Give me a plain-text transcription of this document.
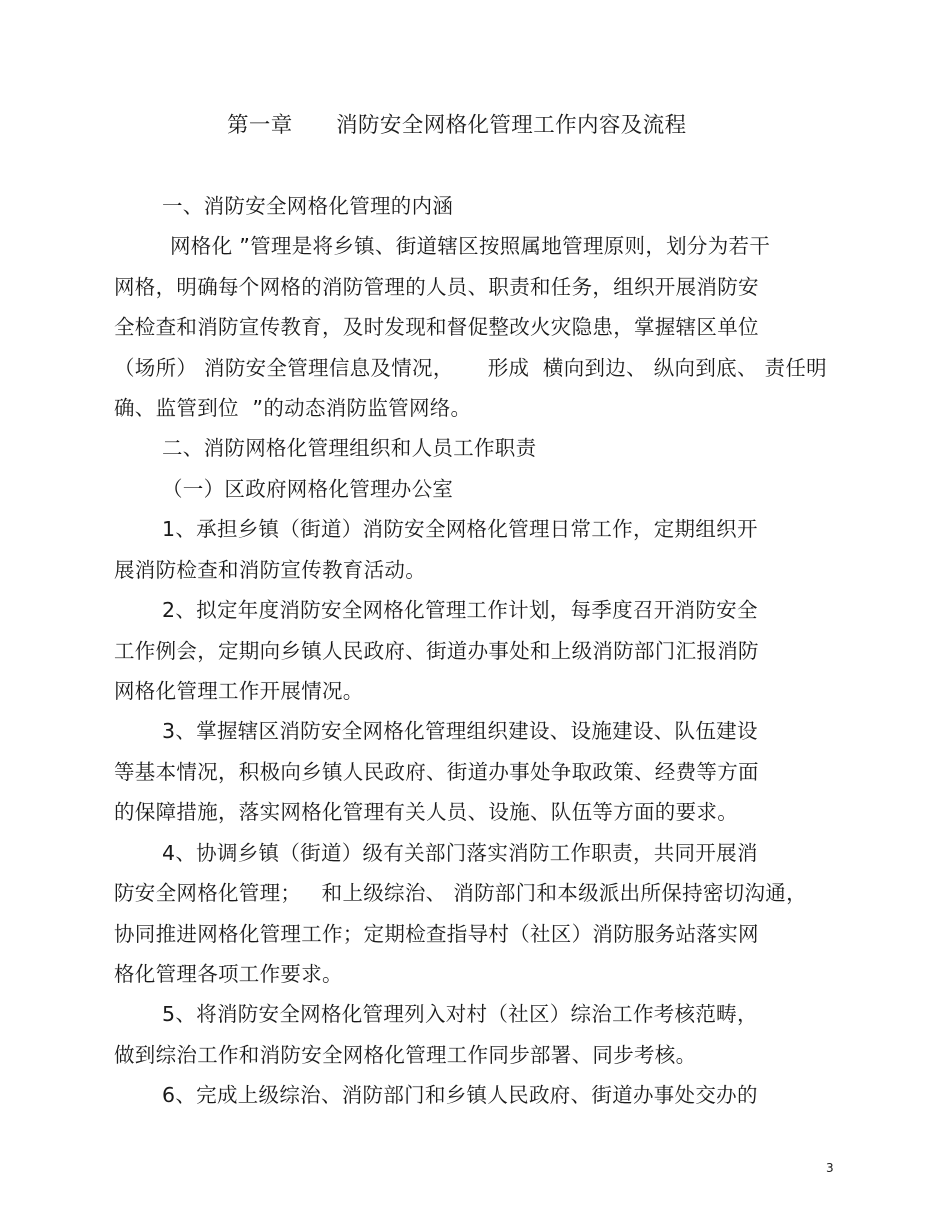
第一章      消防安全网格化管理工作内容及流程
一、消防安全网格化管理的内涵
网格化 ”管理是将乡镇、街道辖区按照属地管理原则，划分为若干
网格，明确每个网格的消防管理的人员、职责和任务，组织开展消防安
全检查和消防宣传教育，及时发现和督促整改火灾隐患，掌握辖区单位
（场所） 消防安全管理信息及情况，     形成  横向到边、 纵向到底、 责任明
确、监管到位  ”的动态消防监管网络。
二、消防网格化管理组织和人员工作职责
（一）区政府网格化管理办公室
1、承担乡镇（街道）消防安全网格化管理日常工作，定期组织开
展消防检查和消防宣传教育活动。
2、拟定年度消防安全网格化管理工作计划，每季度召开消防安全
工作例会，定期向乡镇人民政府、街道办事处和上级消防部门汇报消防
网格化管理工作开展情况。
3、掌握辖区消防安全网格化管理组织建设、设施建设、队伍建设
等基本情况，积极向乡镇人民政府、街道办事处争取政策、经费等方面
的保障措施，落实网格化管理有关人员、设施、队伍等方面的要求。
4、协调乡镇（街道）级有关部门落实消防工作职责，共同开展消
防安全网格化管理；   和上级综治、 消防部门和本级派出所保持密切沟通，
协同推进网格化管理工作；定期检查指导村（社区）消防服务站落实网
格化管理各项工作要求。
5、将消防安全网格化管理列入对村（社区）综治工作考核范畴，
做到综治工作和消防安全网格化管理工作同步部署、同步考核。
6、完成上级综治、消防部门和乡镇人民政府、街道办事处交办的
3
